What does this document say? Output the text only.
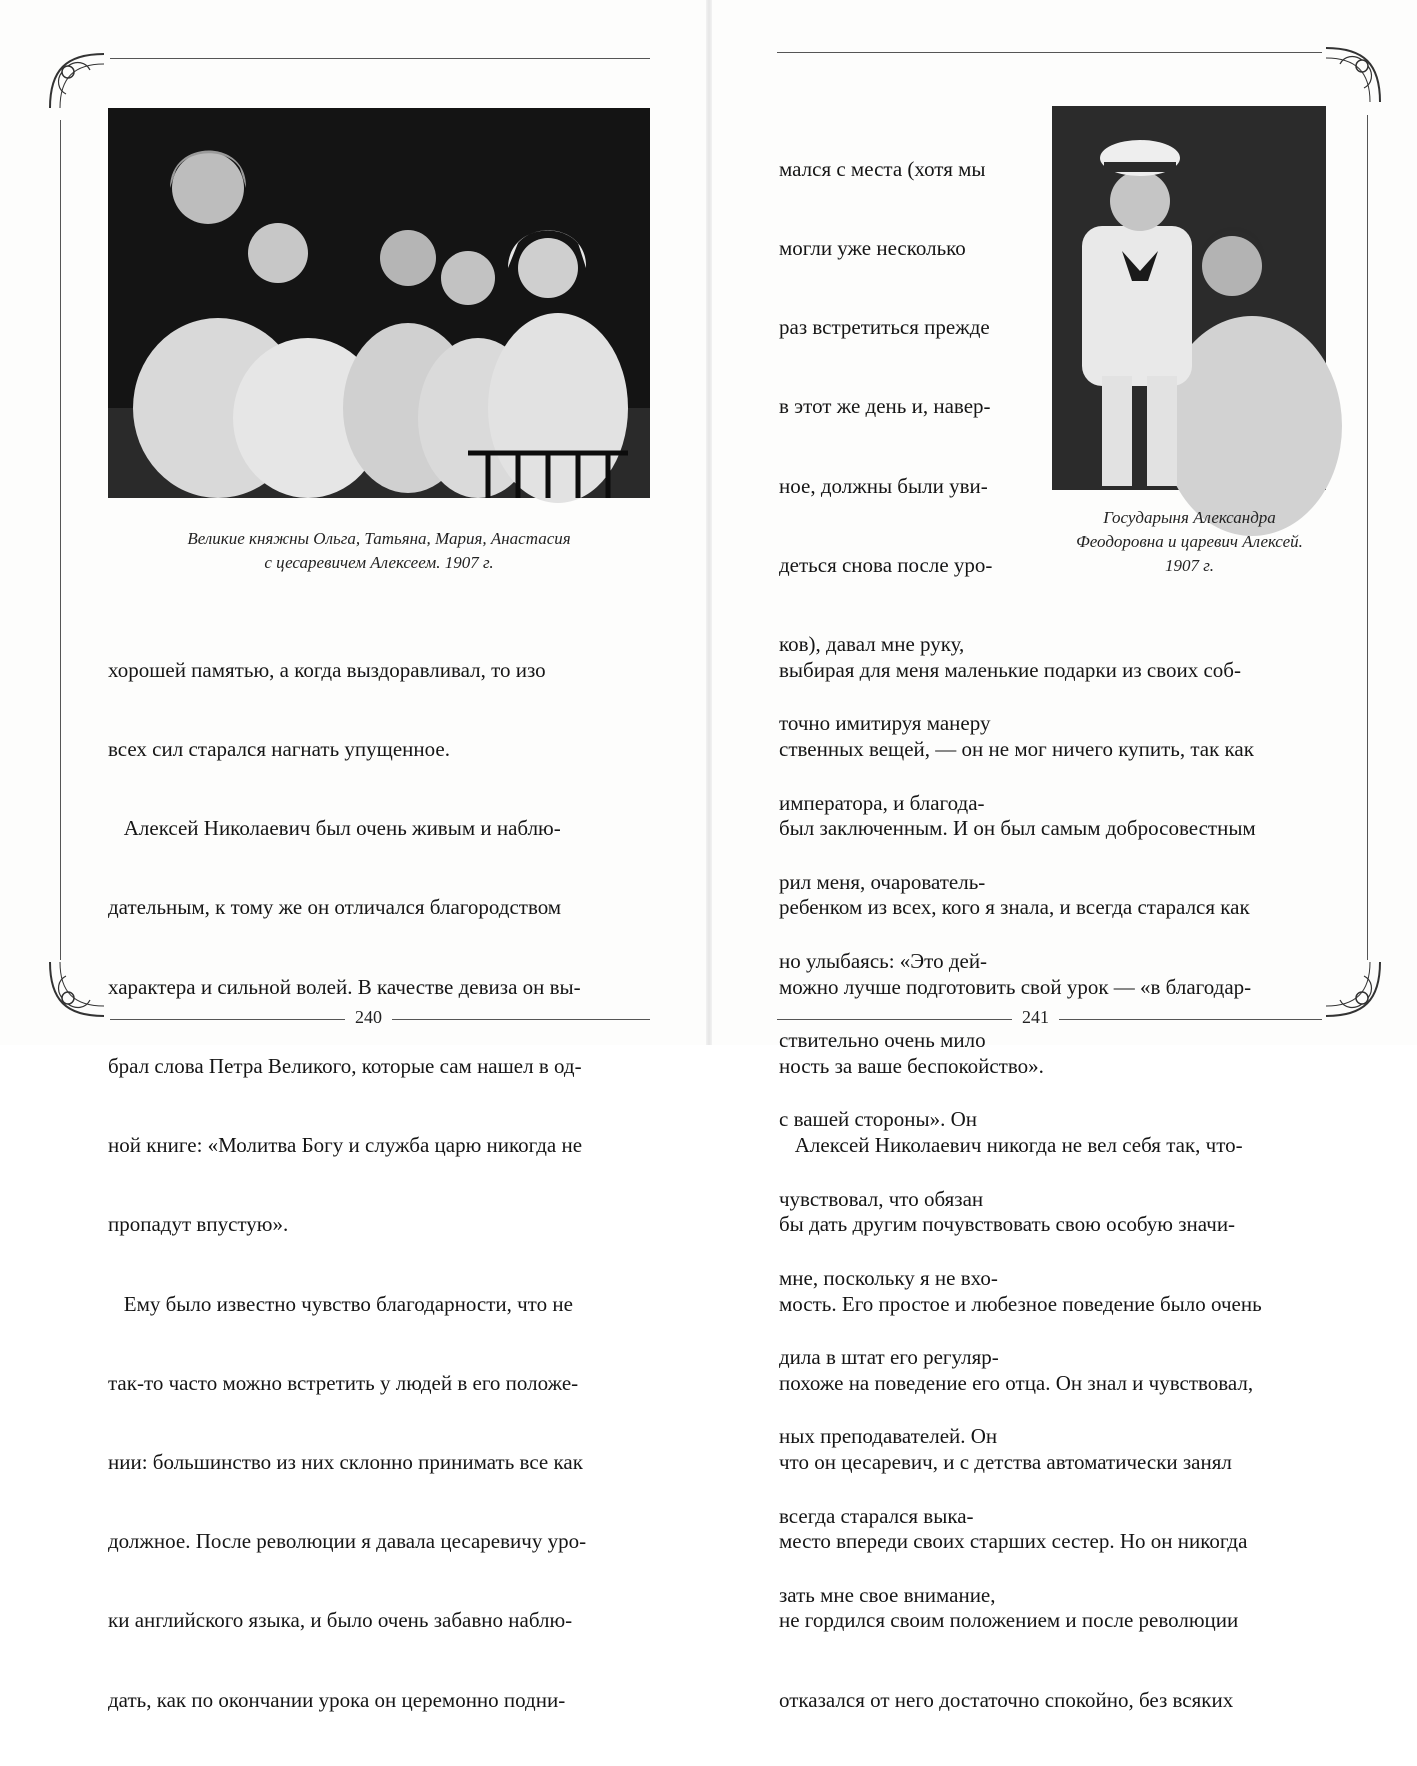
Великие княжны Ольга, Татьяна, Мария, Анастасия
с цесаревичем Алексеем. 1907 г.

хорошей памятью, а когда выздоравливал, то изо

всех сил старался нагнать упущенное.

Алексей Николаевич был очень живым и наблю-

дательным, к тому же он отличался благородством

характера и сильной волей. В качестве девиза он вы-

брал слова Петра Великого, которые сам нашел в од-

ной книге: «Молитва Богу и служба царю никогда не

пропадут впустую».

Ему было известно чувство благодарности, что не

так-то часто можно встретить у людей в его положе-

нии: большинство из них склонно принимать все как

должное. После революции я давала цесаревичу уро-

ки английского языка, и было очень забавно наблю-

дать, как по окончании урока он церемонно подни-

240

мался с места (хотя мы

могли уже несколько

раз встретиться прежде

в этот же день и, навер-

ное, должны были уви-

деться снова после уро-

ков), давал мне руку,

точно имитируя манеру

императора, и благода-

рил меня, очарователь-

но улыбаясь: «Это дей-

ствительно очень мило

с вашей стороны». Он

чувствовал, что обязан

мне, поскольку я не вхо-

дила в штат его регуляр-

ных преподавателей. Он

всегда старался выка-

зать мне свое внимание,

Государыня Александра
Феодоровна и царевич Алексей.
1907 г.

выбирая для меня маленькие подарки из своих соб-

ственных вещей, — он не мог ничего купить, так как

был заключенным. И он был самым добросовестным

ребенком из всех, кого я знала, и всегда старался как

можно лучше подготовить свой урок — «в благодар-

ность за ваше беспокойство».

Алексей Николаевич никогда не вел себя так, что-

бы дать другим почувствовать свою особую значи-

мость. Его простое и любезное поведение было очень

похоже на поведение его отца. Он знал и чувствовал,

что он цесаревич, и с детства автоматически занял

место впереди своих старших сестер. Но он никогда

не гордился своим положением и после революции

отказался от него достаточно спокойно, без всяких

241
